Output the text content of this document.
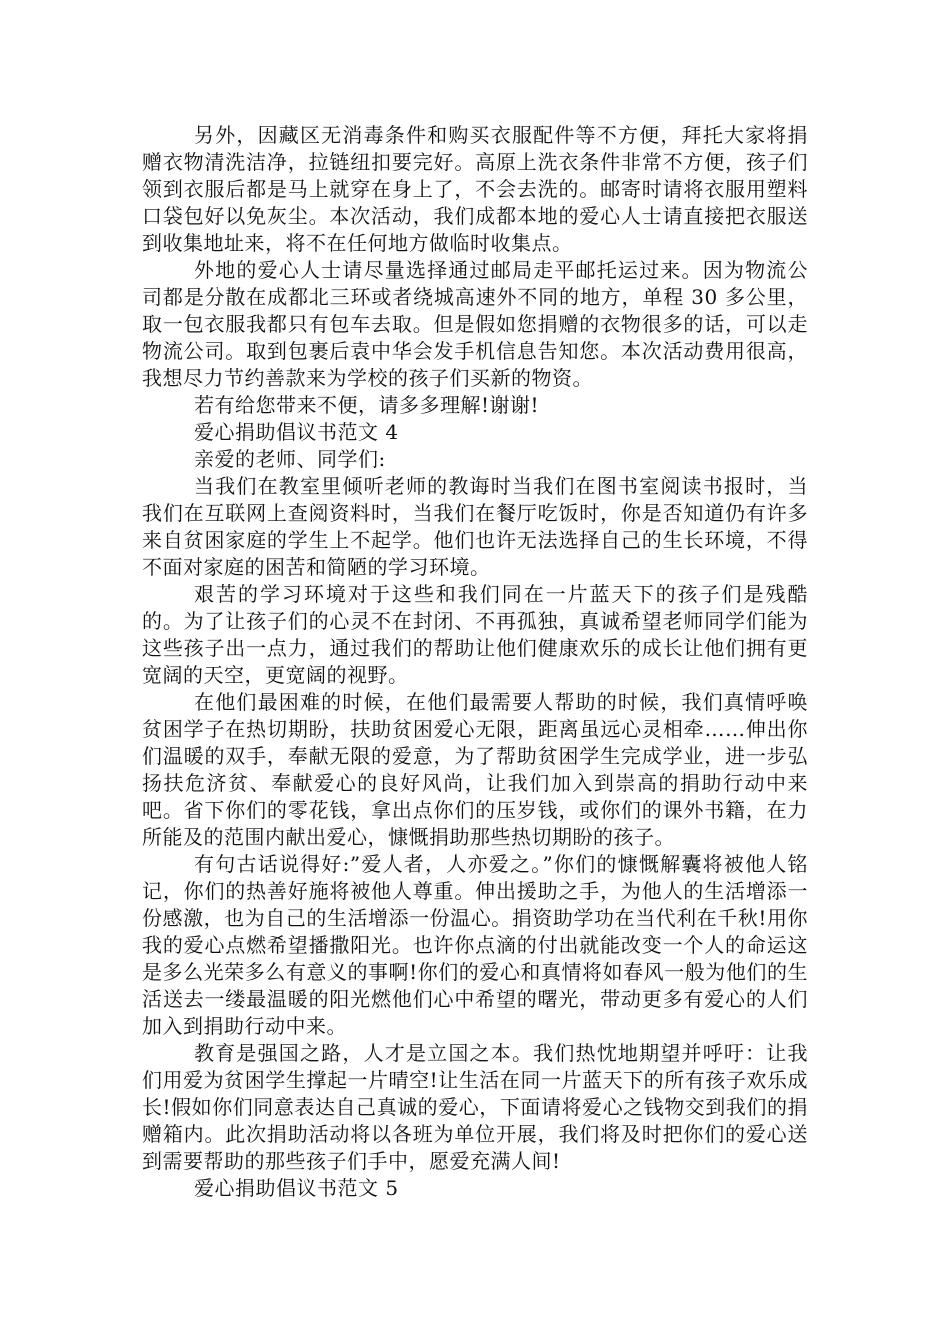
另外，因藏区无消毒条件和购买衣服配件等不方便，拜托大家将捐赠衣物清洗洁净，拉链纽扣要完好。高原上洗衣条件非常不方便，孩子们领到衣服后都是马上就穿在身上了，不会去洗的。邮寄时请将衣服用塑料口袋包好以免灰尘。本次活动，我们成都本地的爱心人士请直接把衣服送到收集地址来，将不在任何地方做临时收集点。

外地的爱心人士请尽量选择通过邮局走平邮托运过来。因为物流公司都是分散在成都北三环或者绕城高速外不同的地方，单程 30 多公里，取一包衣服我都只有包车去取。但是假如您捐赠的衣物很多的话，可以走物流公司。取到包裹后袁中华会发手机信息告知您。本次活动费用很高，我想尽力节约善款来为学校的孩子们买新的物资。

若有给您带来不便，请多多理解!谢谢!

爱心捐助倡议书范文 4

亲爱的老师、同学们:

当我们在教室里倾听老师的教诲时当我们在图书室阅读书报时，当我们在互联网上查阅资料时，当我们在餐厅吃饭时，你是否知道仍有许多来自贫困家庭的学生上不起学。他们也许无法选择自己的生长环境，不得不面对家庭的困苦和简陋的学习环境。

艰苦的学习环境对于这些和我们同在一片蓝天下的孩子们是残酷的。为了让孩子们的心灵不在封闭、不再孤独，真诚希望老师同学们能为这些孩子出一点力，通过我们的帮助让他们健康欢乐的成长让他们拥有更宽阔的天空，更宽阔的视野。

在他们最困难的时候，在他们最需要人帮助的时候，我们真情呼唤贫困学子在热切期盼，扶助贫困爱心无限，距离虽远心灵相牵……伸出你们温暖的双手，奉献无限的爱意，为了帮助贫困学生完成学业，进一步弘扬扶危济贫、奉献爱心的良好风尚，让我们加入到崇高的捐助行动中来吧。省下你们的零花钱，拿出点你们的压岁钱，或你们的课外书籍，在力所能及的范围内献出爱心，慷慨捐助那些热切期盼的孩子。

有句古话说得好:”爱人者，人亦爱之。”你们的慷慨解囊将被他人铭记，你们的热善好施将被他人尊重。伸出援助之手，为他人的生活增添一份感激，也为自己的生活增添一份温心。捐资助学功在当代利在千秋!用你我的爱心点燃希望播撒阳光。也许你点滴的付出就能改变一个人的命运这是多么光荣多么有意义的事啊!你们的爱心和真情将如春风一般为他们的生活送去一缕最温暖的阳光燃他们心中希望的曙光，带动更多有爱心的人们加入到捐助行动中来。

教育是强国之路，人才是立国之本。我们热忱地期望并呼吁：让我们用爱为贫困学生撑起一片晴空!让生活在同一片蓝天下的所有孩子欢乐成长!假如你们同意表达自己真诚的爱心，下面请将爱心之钱物交到我们的捐赠箱内。此次捐助活动将以各班为单位开展，我们将及时把你们的爱心送到需要帮助的那些孩子们手中，愿爱充满人间!

爱心捐助倡议书范文 5
